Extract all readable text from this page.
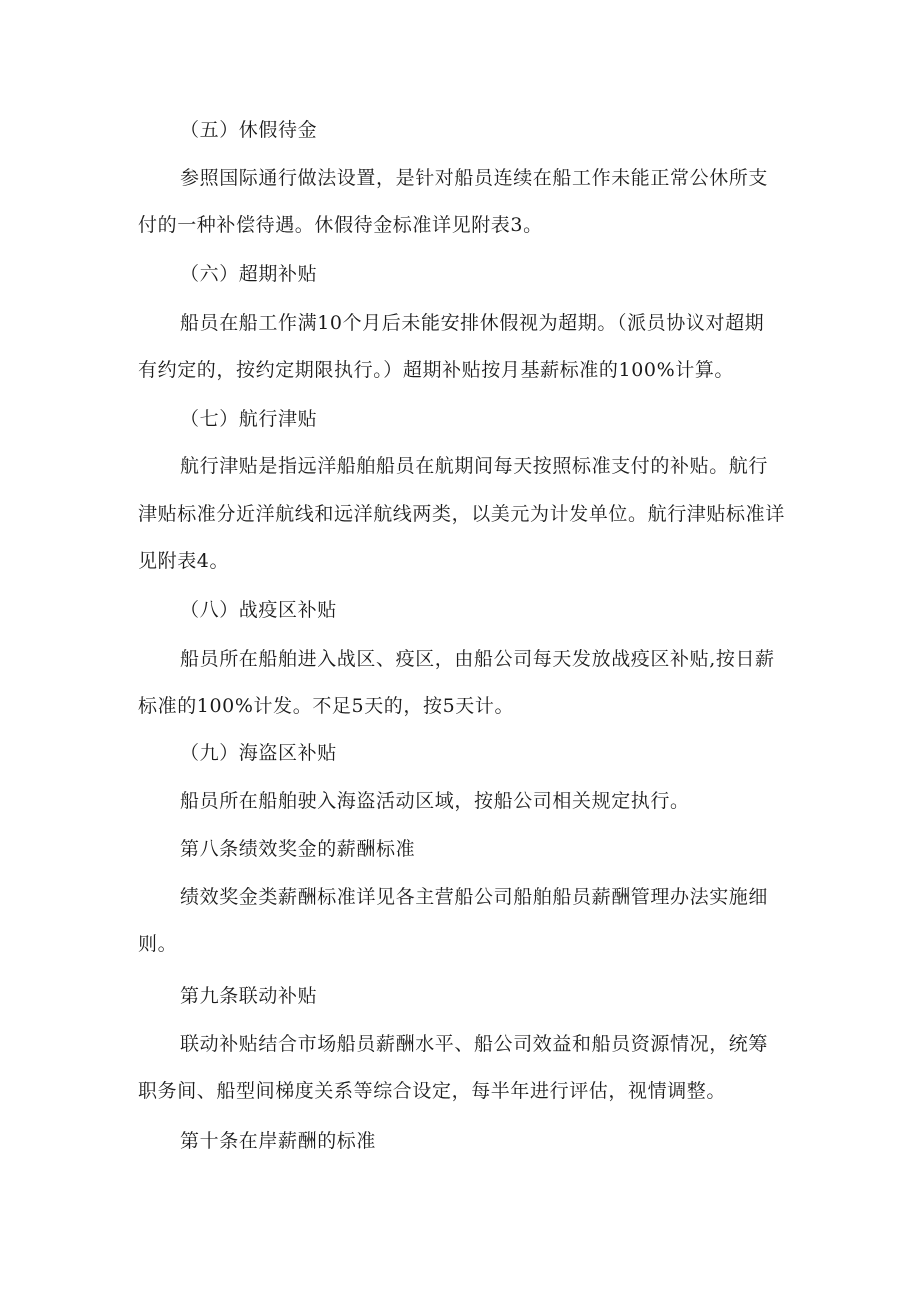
（五）休假待金
参照国际通行做法设置，是针对船员连续在船工作未能正常公休所支
付的一种补偿待遇。休假待金标准详见附表3。
（六）超期补贴
船员在船工作满10个月后未能安排休假视为超期。（派员协议对超期
有约定的，按约定期限执行。）超期补贴按月基薪标准的100%计算。
（七）航行津贴
航行津贴是指远洋船舶船员在航期间每天按照标准支付的补贴。航行
津贴标准分近洋航线和远洋航线两类，以美元为计发单位。航行津贴标准详
见附表4。
（八）战疫区补贴
船员所在船舶进入战区、疫区，由船公司每天发放战疫区补贴,按日薪
标准的100%计发。不足5天的，按5天计。
（九）海盗区补贴
船员所在船舶驶入海盗活动区域，按船公司相关规定执行。
第八条绩效奖金的薪酬标准
绩效奖金类薪酬标准详见各主营船公司船舶船员薪酬管理办法实施细
则。
第九条联动补贴
联动补贴结合市场船员薪酬水平、船公司效益和船员资源情况，统筹
职务间、船型间梯度关系等综合设定，每半年进行评估，视情调整。
第十条在岸薪酬的标准
